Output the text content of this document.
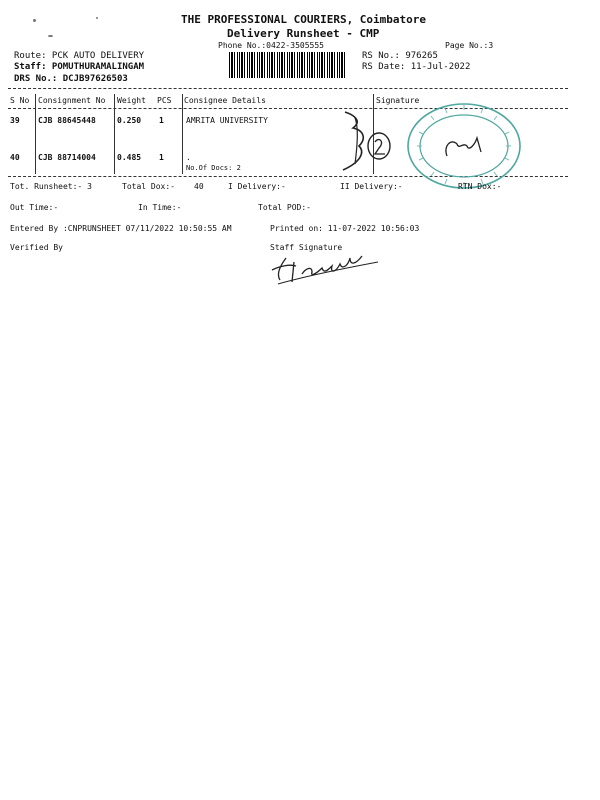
THE PROFESSIONAL COURIERS, Coimbatore
Delivery Runsheet - CMP
Phone No.:0422-3505555	Page No.:3
Route: PCK AUTO DELIVERY
Staff: POMUTHURAMALINGAM
DRS No.: DCJB97626503
RS No.: 976265
RS Date: 11-Jul-2022
S No Consignment No Weight PCS Consignee Details	Signature
39 CJB 88645448	0.250 1	AMRITA UNIVERSITY
40 CJB 88714004	0.485 1	.
No.Of Docs: 2
Tot. Runsheet:- 3	Total Dox:- 40	I Delivery:-	II Delivery:-	RTN Dox:-
Out Time:-	In Time:-	Total POD:-
Entered By :CNPRUNSHEET 07/11/2022 10:50:55 AM	Printed on: 11-07-2022 10:56:03
Verified By	Staff Signature
